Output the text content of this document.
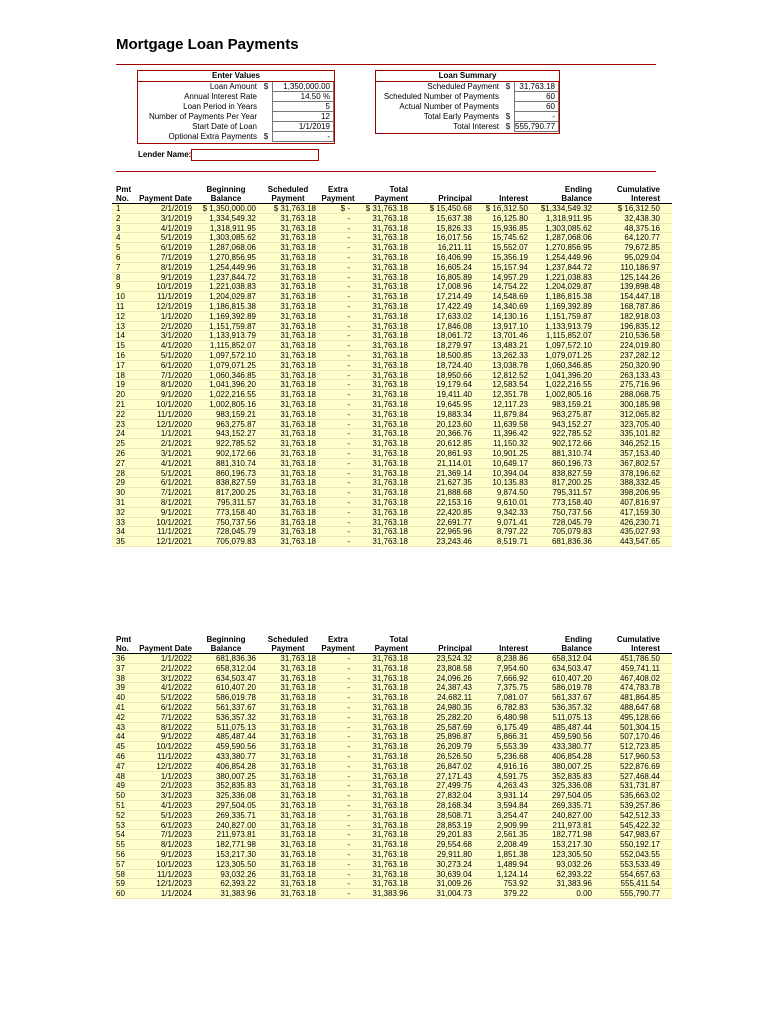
Mortgage Loan Payments
Enter Values
Loan Amount $	1,350,000.00
Annual Interest Rate	14.50 %
Loan Period in Years	5
Number of Payments Per Year	12
Start Date of Loan	1/1/2019
Optional Extra Payments $	-
Loan Summary
Scheduled Payment $	31,763.18
Scheduled Number of Payments	60
Actual Number of Payments	60
Total Early Payments $	-
Total Interest $ 555,790.77
Lender Name:
Pmt
No.
	Payment Date
Beginning
Balance
Scheduled
Payment
Extra
Payment

Total Payment
	Principal
	Interest
Ending
Balance
Cumulative
Interest
1	2/1/2019	$ 1,350,000.00	$ 31,763.18	$ -	$ 31,763.18	$ 15,450.68	$ 16,312.50	$1,334,549.32	$ 16,312.50
2	3/1/2019	1,334,549.32	31,763.18	-	31,763.18	15,637.38	16,125.80	1,318,911.95	32,438.30
3	4/1/2019	1,318,911.95	31,763.18	-	31,763.18	15,826.33	15,936.85	1,303,085.62	48,375.16
4	5/1/2019	1,303,085.62	31,763.18	-	31,763.18	16,017.56	15,745.62	1,287,068.06	64,120.77
5	6/1/2019	1,287,068.06	31,763.18	-	31,763.18	16,211.11	15,552.07	1,270,856.95	79,672.85
6	7/1/2019	1,270,856.95	31,763.18	-	31,763.18	16,406.99	15,356.19	1,254,449.96	95,029.04
7	8/1/2019	1,254,449.96	31,763.18	-	31,763.18	16,605.24	15,157.94	1,237,844.72	110,186.97
8	9/1/2019	1,237,844.72	31,763.18	-	31,763.18	16,805.89	14,957.29	1,221,038.83	125,144.26
9	10/1/2019	1,221,038.83	31,763.18	-	31,763.18	17,008.96	14,754.22	1,204,029.87	139,898.48
10	11/1/2019	1,204,029.87	31,763.18	-	31,763.18	17,214.49	14,548.69	1,186,815.38	154,447.18
11	12/1/2019	1,186,815.38	31,763.18	-	31,763.18	17,422.49	14,340.69	1,169,392.89	168,787.86
12	1/1/2020	1,169,392.89	31,763.18	-	31,763.18	17,633.02	14,130.16	1,151,759.87	182,918.03
13	2/1/2020	1,151,759.87	31,763.18	-	31,763.18	17,846.08	13,917.10	1,133,913.79	196,835.12
14	3/1/2020	1,133,913.79	31,763.18	-	31,763.18	18,061.72	13,701.46	1,115,852.07	210,536.58
15	4/1/2020	1,115,852.07	31,763.18	-	31,763.18	18,279.97	13,483.21	1,097,572.10	224,019.80
16	5/1/2020	1,097,572.10	31,763.18	-	31,763.18	18,500.85	13,262.33	1,079,071.25	237,282.12
17	6/1/2020	1,079,071.25	31,763.18	-	31,763.18	18,724.40	13,038.78	1,060,346.85	250,320.90
18	7/1/2020	1,060,346.85	31,763.18	-	31,763.18	18,950.66	12,812.52	1,041,396.20	263,133.43
19	8/1/2020	1,041,396.20	31,763.18	-	31,763.18	19,179.64	12,583.54	1,022,216.55	275,716.96
20	9/1/2020	1,022,216.55	31,763.18	-	31,763.18	19,411.40	12,351.78	1,002,805.16	288,068.75
21	10/1/2020	1,002,805.16	31,763.18	-	31,763.18	19,645.95	12,117.23	983,159.21	300,185.98
22	11/1/2020	983,159.21	31,763.18	-	31,763.18	19,883.34	11,879.84	963,275.87	312,065.82
23	12/1/2020	963,275.87	31,763.18	-	31,763.18	20,123.60	11,639.58	943,152.27	323,705.40
24	1/1/2021	943,152.27	31,763.18	-	31,763.18	20,366.76	11,396.42	922,785.52	335,101.82
25	2/1/2021	922,785.52	31,763.18	-	31,763.18	20,612.85	11,150.32	902,172.66	346,252.15
26	3/1/2021	902,172.66	31,763.18	-	31,763.18	20,861.93	10,901.25	881,310.74	357,153.40
27	4/1/2021	881,310.74	31,763.18	-	31,763.18	21,114.01	10,649.17	860,196.73	367,802.57
28	5/1/2021	860,196.73	31,763.18	-	31,763.18	21,369.14	10,394.04	838,827.59	378,196.62
29	6/1/2021	838,827.59	31,763.18	-	31,763.18	21,627.35	10,135.83	817,200.25	388,332.45
30	7/1/2021	817,200.25	31,763.18	-	31,763.18	21,888.68	9,874.50	795,311.57	398,206.95
31	8/1/2021	795,311.57	31,763.18	-	31,763.18	22,153.16	9,610.01	773,158.40	407,816.97
32	9/1/2021	773,158.40	31,763.18	-	31,763.18	22,420.85	9,342.33	750,737.56	417,159.30
33	10/1/2021	750,737.56	31,763.18	-	31,763.18	22,691.77	9,071.41	728,045.79	426,230.71
34	11/1/2021	728,045.79	31,763.18	-	31,763.18	22,965.96	8,797.22	705,079.83	435,027.93
35	12/1/2021	705,079.83	31,763.18	-	31,763.18	23,243.46	8,519.71	681,836.36	443,547.65
Pmt
No.
	Payment Date
Beginning
Balance
Scheduled
Payment
Extra
Payment

Total Payment
	Principal
	Interest
Ending
Balance
Cumulative
Interest
36	1/1/2022	681,836.36	31,763.18	-	31,763.18	23,524.32	8,238.86	658,312.04	451,786.50
37	2/1/2022	658,312.04	31,763.18	-	31,763.18	23,808.58	7,954.60	634,503.47	459,741.11
38	3/1/2022	634,503.47	31,763.18	-	31,763.18	24,096.26	7,666.92	610,407.20	467,408.02
39	4/1/2022	610,407.20	31,763.18	-	31,763.18	24,387.43	7,375.75	586,019.78	474,783.78
40	5/1/2022	586,019.78	31,763.18	-	31,763.18	24,682.11	7,081.07	561,337.67	481,864.85
41	6/1/2022	561,337.67	31,763.18	-	31,763.18	24,980.35	6,782.83	536,357.32	488,647.68
42	7/1/2022	536,357.32	31,763.18	-	31,763.18	25,282.20	6,480.98	511,075.13	495,128.66
43	8/1/2022	511,075.13	31,763.18	-	31,763.18	25,587.69	6,175.49	485,487.44	501,304.15
44	9/1/2022	485,487.44	31,763.18	-	31,763.18	25,896.87	5,866.31	459,590.56	507,170.46
45	10/1/2022	459,590.56	31,763.18	-	31,763.18	26,209.79	5,553.39	433,380.77	512,723.85
46	11/1/2022	433,380.77	31,763.18	-	31,763.18	26,526.50	5,236.68	406,854.28	517,960.53
47	12/1/2022	406,854.28	31,763.18	-	31,763.18	26,847.02	4,916.16	380,007.25	522,876.69
48	1/1/2023	380,007.25	31,763.18	-	31,763.18	27,171.43	4,591.75	352,835.83	527,468.44
49	2/1/2023	352,835.83	31,763.18	-	31,763.18	27,499.75	4,263.43	325,336.08	531,731.87
50	3/1/2023	325,336.08	31,763.18	-	31,763.18	27,832.04	3,931.14	297,504.05	535,663.02
51	4/1/2023	297,504.05	31,763.18	-	31,763.18	28,168.34	3,594.84	269,335.71	539,257.86
52	5/1/2023	269,335.71	31,763.18	-	31,763.18	28,508.71	3,254.47	240,827.00	542,512.33
53	6/1/2023	240,827.00	31,763.18	-	31,763.18	28,853.19	2,909.99	211,973.81	545,422.32
54	7/1/2023	211,973.81	31,763.18	-	31,763.18	29,201.83	2,561.35	182,771.98	547,983.67
55	8/1/2023	182,771.98	31,763.18	-	31,763.18	29,554.68	2,208.49	153,217.30	550,192.17
56	9/1/2023	153,217.30	31,763.18	-	31,763.18	29,911.80	1,851.38	123,305.50	552,043.55
57	10/1/2023	123,305.50	31,763.18	-	31,763.18	30,273.24	1,489.94	93,032.26	553,533.49
58	11/1/2023	93,032.26	31,763.18	-	31,763.18	30,639.04	1,124.14	62,393.22	554,657.63
59	12/1/2023	62,393.22	31,763.18	-	31,763.18	31,009.26	753.92	31,383.96	555,411.54
60	1/1/2024	31,383.96	31,763.18	-	31,383.96	31,004.73	379.22	0.00	555,790.77
